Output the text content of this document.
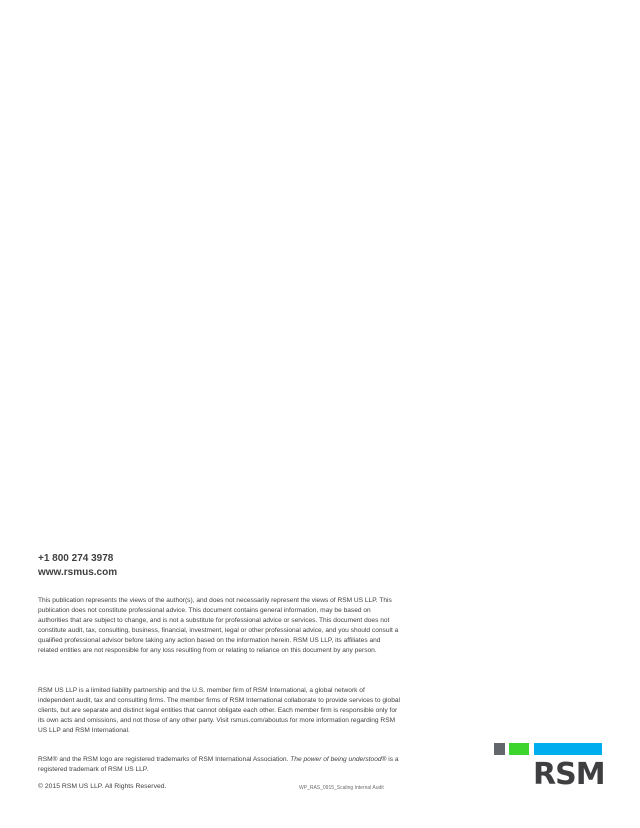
+1 800 274 3978
www.rsmus.com
This publication represents the views of the author(s), and does not necessarily represent the views of RSM US LLP. This publication does not constitute professional advice. This document contains general information, may be based on authorities that are subject to change, and is not a substitute for professional advice or services. This document does not constitute audit, tax, consulting, business, financial, investment, legal or other professional advice, and you should consult a qualified professional advisor before taking any action based on the information herein. RSM US LLP, its affiliates and related entities are not responsible for any loss resulting from or relating to reliance on this document by any person.
RSM US LLP is a limited liability partnership and the U.S. member firm of RSM International, a global network of independent audit, tax and consulting firms. The member firms of RSM International collaborate to provide services to global clients, but are separate and distinct legal entities that cannot obligate each other. Each member firm is responsible only for its own acts and omissions, and not those of any other party. Visit rsmus.com/aboutus for more information regarding RSM US LLP and RSM International.
RSM® and the RSM logo are registered trademarks of RSM International Association. The power of being understood® is a registered trademark of RSM US LLP.
© 2015 RSM US LLP. All Rights Reserved.	WP_RAS_0915_Scaling Internal Audit	RSM
